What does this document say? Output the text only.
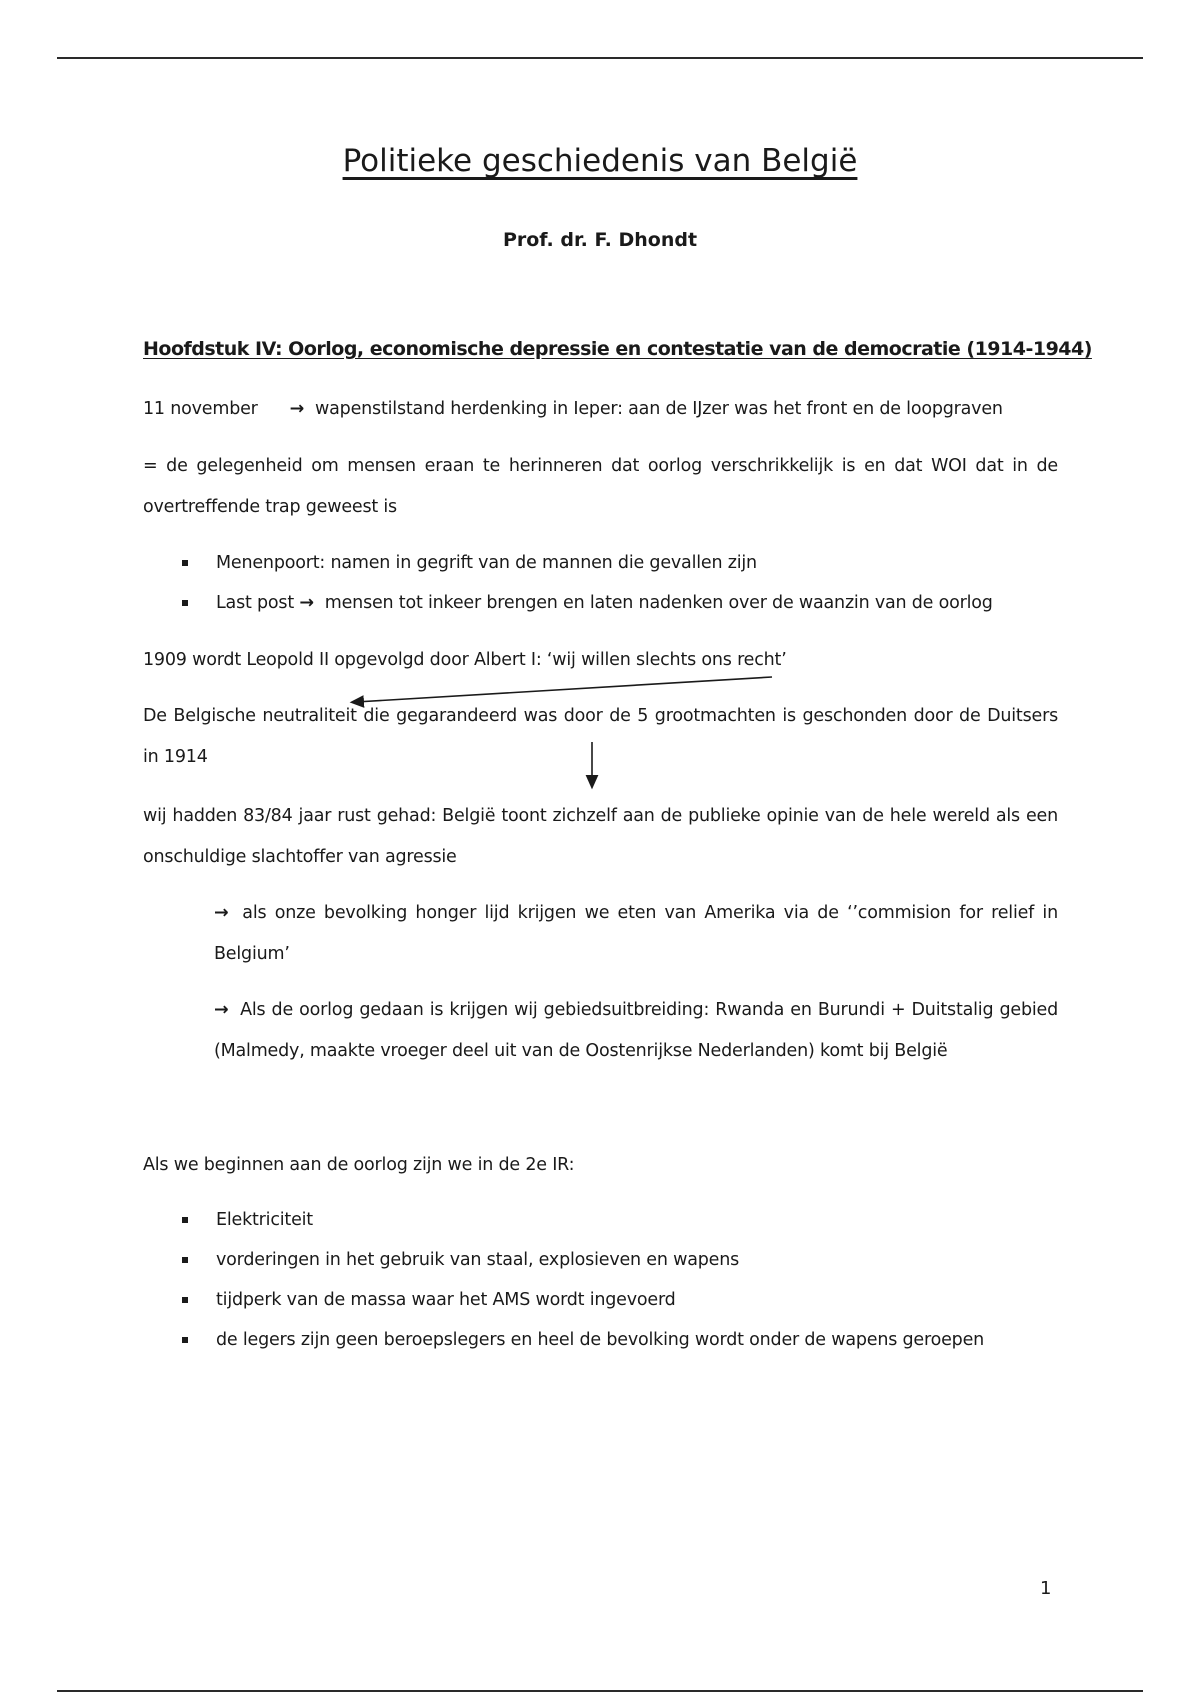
Politieke geschiedenis van België
Prof. dr. F. Dhondt
Hoofdstuk IV: Oorlog, economische depressie en contestatie van de democratie (1914-1944)
11 november → wapenstilstand herdenking in Ieper: aan de IJzer was het front en de loopgraven
= de gelegenheid om mensen eraan te herinneren dat oorlog verschrikkelijk is en dat WOI dat in de overtreffende trap geweest is
Menenpoort: namen in gegrift van de mannen die gevallen zijn
Last post → mensen tot inkeer brengen en laten nadenken over de waanzin van de oorlog
1909 wordt Leopold II opgevolgd door Albert I: ‘wij willen slechts ons recht’
De Belgische neutraliteit die gegarandeerd was door de 5 grootmachten is geschonden door de Duitsers in 1914
wij hadden 83/84 jaar rust gehad: België toont zichzelf aan de publieke opinie van de hele wereld als een onschuldige slachtoffer van agressie
→ als onze bevolking honger lijd krijgen we eten van Amerika via de ‘’commision for relief in Belgium’
→ Als de oorlog gedaan is krijgen wij gebiedsuitbreiding: Rwanda en Burundi + Duitstalig gebied (Malmedy, maakte vroeger deel uit van de Oostenrijkse Nederlanden) komt bij België
Als we beginnen aan de oorlog zijn we in de 2e IR:
Elektriciteit
vorderingen in het gebruik van staal, explosieven en wapens
tijdperk van de massa waar het AMS wordt ingevoerd
de legers zijn geen beroepslegers en heel de bevolking wordt onder de wapens geroepen
1
